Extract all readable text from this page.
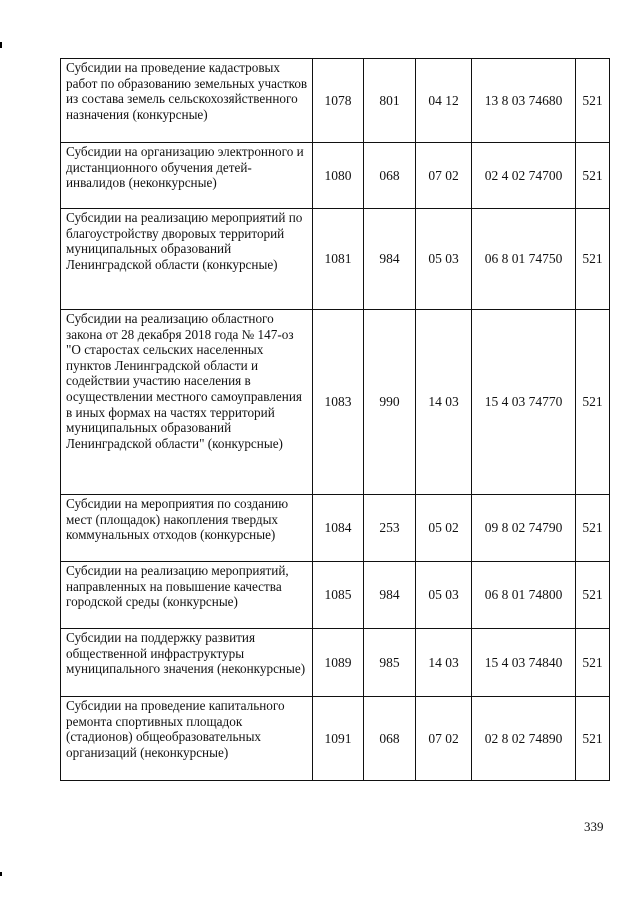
Субсидии на проведение кадастровых работ по образованию земельных участков из состава земель сельскохозяйственного назначения (конкурсные)	1078	801	04 12	13 8 03 74680	521
Субсидии на организацию электронного и дистанционного обучения детей-инвалидов (неконкурсные)	1080	068	07 02	02 4 02 74700	521
Субсидии на реализацию мероприятий по благоустройству дворовых территорий муниципальных образований Ленинградской области (конкурсные)	1081	984	05 03	06 8 01 74750	521
Субсидии на реализацию областного закона от 28 декабря 2018 года № 147-оз "О старостах сельских населенных пунктов Ленинградской области и содействии участию населения в осуществлении местного самоуправления в иных формах на частях территорий муниципальных образований Ленинградской области" (конкурсные)	1083	990	14 03	15 4 03 74770	521
Субсидии на мероприятия по созданию мест (площадок) накопления твердых коммунальных отходов (конкурсные)	1084	253	05 02	09 8 02 74790	521
Субсидии на реализацию мероприятий, направленных на повышение качества городской среды (конкурсные)	1085	984	05 03	06 8 01 74800	521
Субсидии на поддержку развития общественной инфраструктуры муниципального значения (неконкурсные)	1089	985	14 03	15 4 03 74840	521
Субсидии на проведение капитального ремонта спортивных площадок (стадионов) общеобразовательных организаций (неконкурсные)	1091	068	07 02	02 8 02 74890	521
339
